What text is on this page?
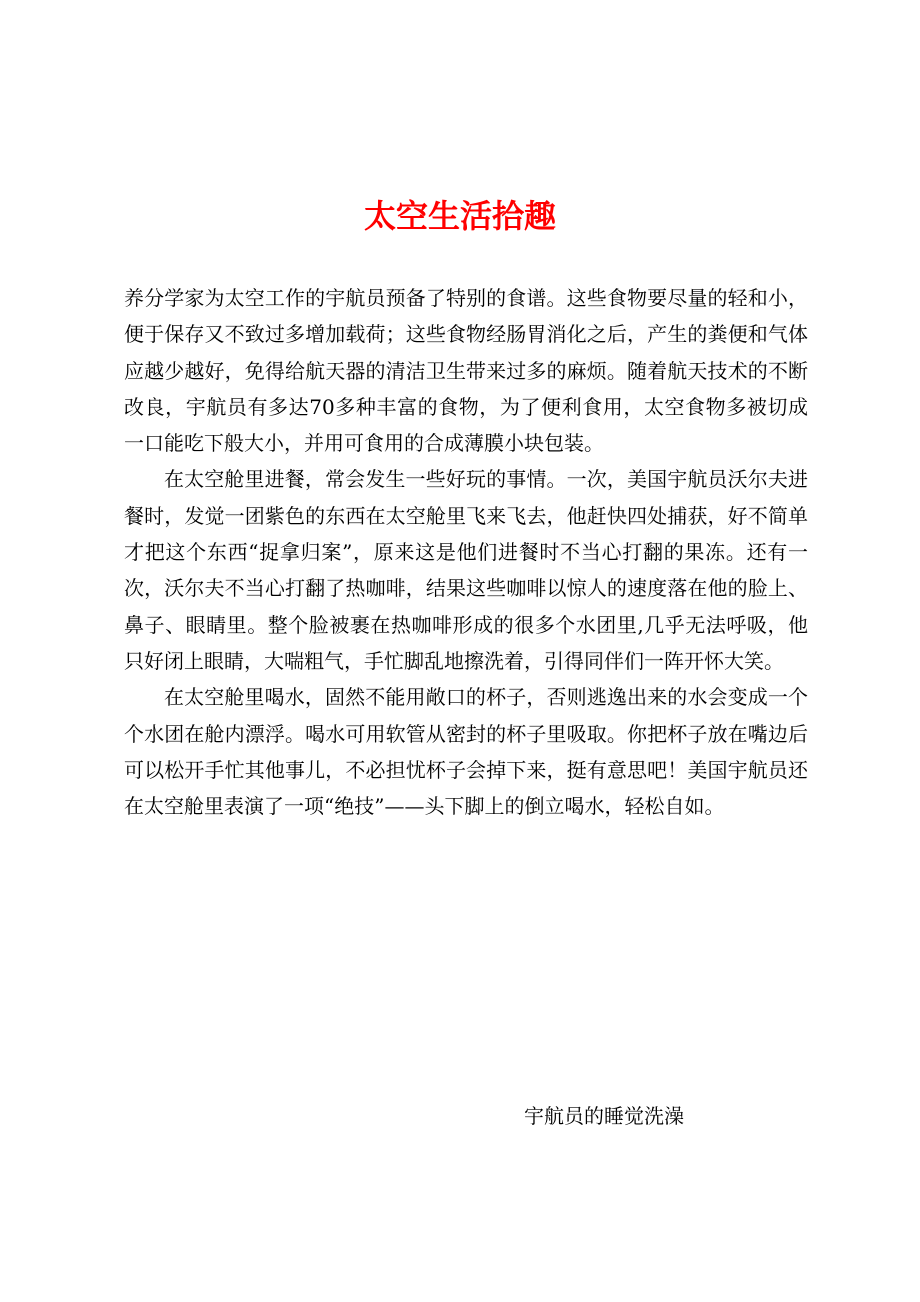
太空生活拾趣

养分学家为太空工作的宇航员预备了特别的食谱。这些食物要尽量的轻和小，便于保存又不致过多增加载荷；这些食物经肠胃消化之后，产生的粪便和气体应越少越好，免得给航天器的清洁卫生带来过多的麻烦。随着航天技术的不断改良，宇航员有多达70多种丰富的食物，为了便利食用，太空食物多被切成一口能吃下般大小，并用可食用的合成薄膜小块包装。

在太空舱里进餐，常会发生一些好玩的事情。一次，美国宇航员沃尔夫进餐时，发觉一团紫色的东西在太空舱里飞来飞去，他赶快四处捕获，好不简单才把这个东西“捉拿归案”，原来这是他们进餐时不当心打翻的果冻。还有一次，沃尔夫不当心打翻了热咖啡，结果这些咖啡以惊人的速度落在他的脸上、鼻子、眼睛里。整个脸被裹在热咖啡形成的很多个水团里,几乎无法呼吸，他只好闭上眼睛，大喘粗气，手忙脚乱地擦洗着，引得同伴们一阵开怀大笑。

在太空舱里喝水，固然不能用敞口的杯子，否则逃逸出来的水会变成一个个水团在舱内漂浮。喝水可用软管从密封的杯子里吸取。你把杯子放在嘴边后可以松开手忙其他事儿，不必担忧杯子会掉下来，挺有意思吧！美国宇航员还在太空舱里表演了一项“绝技”——头下脚上的倒立喝水，轻松自如。

宇航员的睡觉洗澡
